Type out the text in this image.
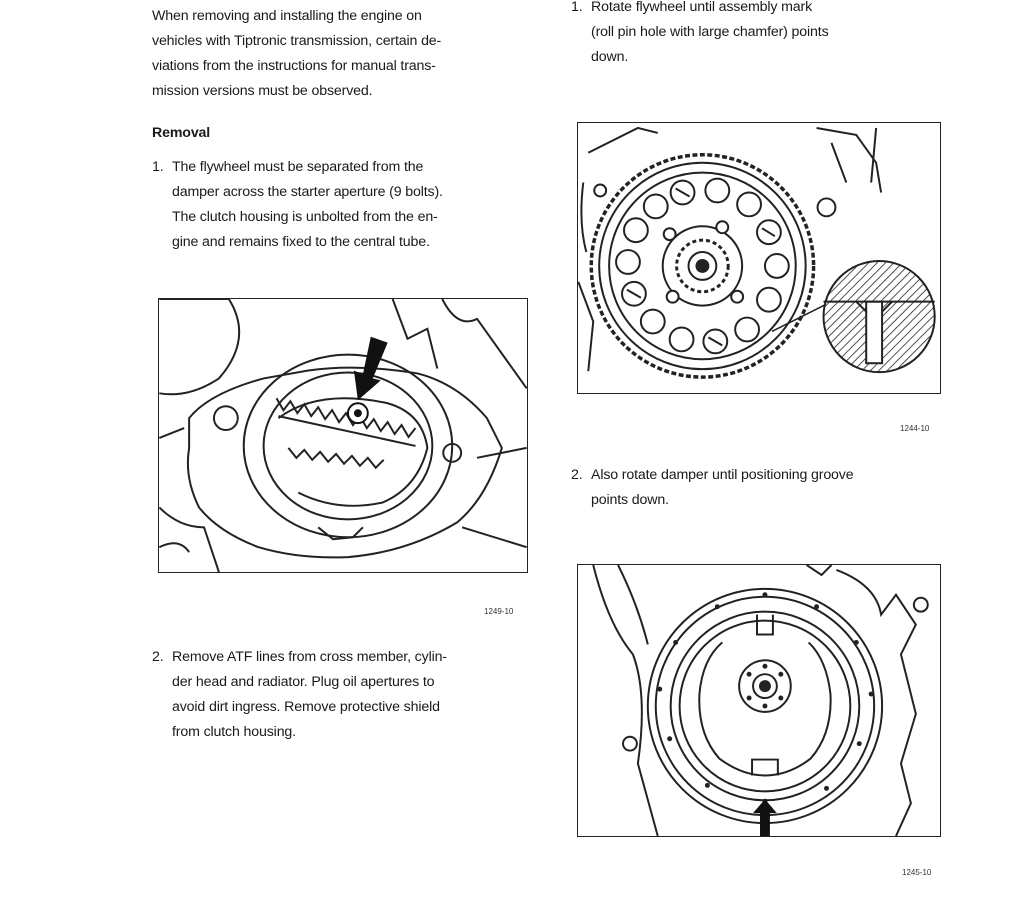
When removing and installing the engine on
vehicles with Tiptronic transmission, certain de-
viations from the instructions for manual trans-
mission versions must be observed.
Removal
1. The flywheel must be separated from the
damper across the starter aperture (9 bolts).
The clutch housing is unbolted from the en-
gine and remains fixed to the central tube.
1249-10
2. Remove ATF lines from cross member, cylin-
der head and radiator. Plug oil apertures to
avoid dirt ingress. Remove protective shield
from clutch housing.
1. Rotate flywheel until assembly mark
(roll pin hole with large chamfer) points
down.
1244-10
2. Also rotate damper until positioning groove
points down.
1245-10
